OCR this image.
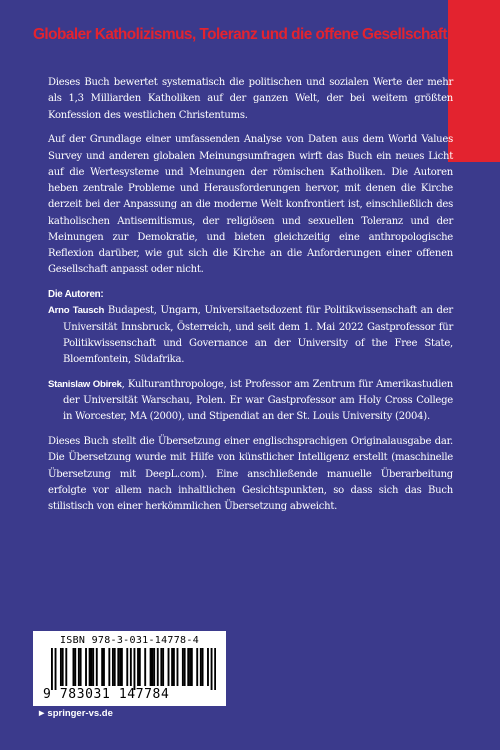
Globaler Katholizismus, Toleranz und die offene Gesellschaft

Dieses Buch bewertet systematisch die politischen und sozialen Werte der mehr als 1,3 Milliarden Katholiken auf der ganzen Welt, der bei weitem größten Konfession des westlichen Christentums.

Auf der Grundlage einer umfassenden Analyse von Daten aus dem World Values Survey und anderen globalen Meinungsumfragen wirft das Buch ein neues Licht auf die Wertesysteme und Meinungen der römischen Katholiken. Die Autoren heben zentrale Probleme und Herausforderungen hervor, mit denen die Kirche derzeit bei der Anpassung an die moderne Welt konfrontiert ist, einschließlich des katholischen Antisemitismus, der religiösen und sexuellen Toleranz und der Meinungen zur Demokratie, und bieten gleichzeitig eine anthropologische Reflexion darüber, wie gut sich die Kirche an die Anforderungen einer offenen Gesellschaft anpasst oder nicht.

Die Autoren:

Arno Tausch Budapest, Ungarn, Universitaetsdozent für Politikwissenschaft an der Universität Innsbruck, Österreich, und seit dem 1. Mai 2022 Gastprofessor für Politikwissenschaft und Governance an der University of the Free State, Bloemfontein, Südafrika.

Stanislaw Obirek, Kulturanthropologe, ist Professor am Zentrum für Amerikastudien der Universität Warschau, Polen. Er war Gastprofessor am Holy Cross College in Worcester, MA (2000), und Stipendiat an der St. Louis University (2004).

Dieses Buch stellt die Übersetzung einer englischsprachigen Originalausgabe dar. Die Übersetzung wurde mit Hilfe von künstlicher Intelligenz erstellt (maschinelle Übersetzung mit DeepL.com). Eine anschließende manuelle Überarbeitung erfolgte vor allem nach inhaltlichen Gesichtspunkten, so dass sich das Buch stilistisch von einer herkömmlichen Übersetzung abweicht.

ISBN 978-3-031-14778-4
9 783031 147784
►springer-vs.de
